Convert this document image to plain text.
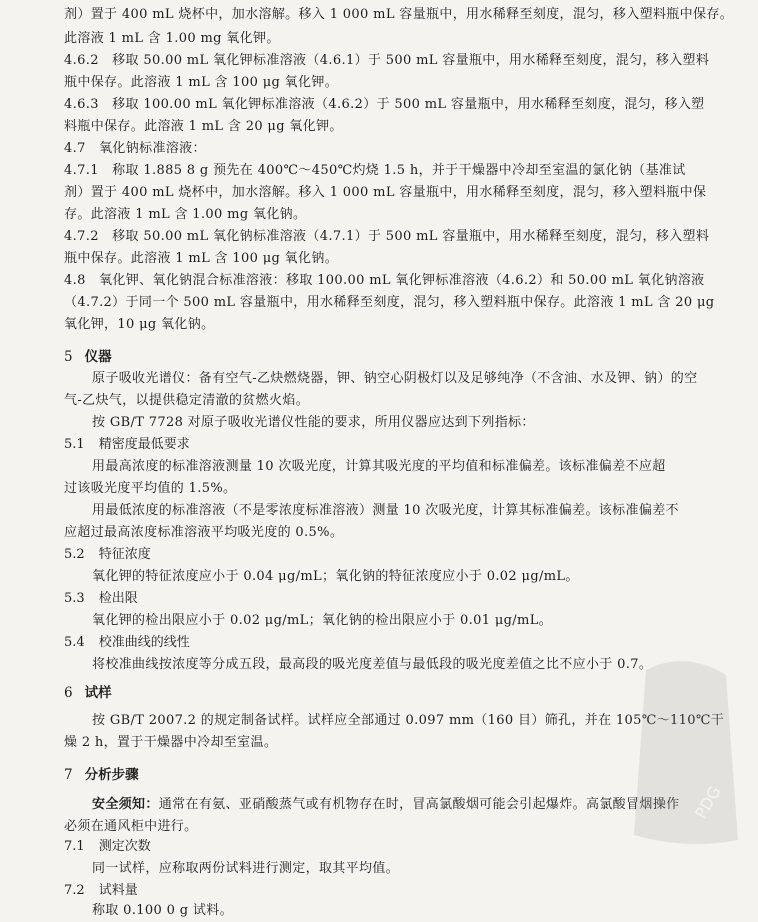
剂）置于 400 mL 烧杯中，加水溶解。移入 1 000 mL 容量瓶中，用水稀释至刻度，混匀，移入塑料瓶中保存。
此溶液 1 mL 含 1.00 mg 氧化钾。
4.6.2　移取 50.00 mL 氧化钾标准溶液（4.6.1）于 500 mL 容量瓶中，用水稀释至刻度，混匀，移入塑料
瓶中保存。此溶液 1 mL 含 100 μg 氧化钾。
4.6.3　移取 100.00 mL 氧化钾标准溶液（4.6.2）于 500 mL 容量瓶中，用水稀释至刻度，混匀，移入塑
料瓶中保存。此溶液 1 mL 含 20 μg 氧化钾。
4.7　氧化钠标准溶液：
4.7.1　称取 1.885 8 g 预先在 400℃～450℃灼烧 1.5 h，并于干燥器中冷却至室温的氯化钠（基准试
剂）置于 400 mL 烧杯中，加水溶解。移入 1 000 mL 容量瓶中，用水稀释至刻度，混匀，移入塑料瓶中保
存。此溶液 1 mL 含 1.00 mg 氧化钠。
4.7.2　移取 50.00 mL 氧化钠标准溶液（4.7.1）于 500 mL 容量瓶中，用水稀释至刻度，混匀，移入塑料
瓶中保存。此溶液 1 mL 含 100 μg 氧化钠。
4.8　氧化钾、氧化钠混合标准溶液：移取 100.00 mL 氧化钾标准溶液（4.6.2）和 50.00 mL 氧化钠溶液
（4.7.2）于同一个 500 mL 容量瓶中，用水稀释至刻度，混匀，移入塑料瓶中保存。此溶液 1 mL 含 20 μg
氧化钾，10 μg 氧化钠。
5 仪器
原子吸收光谱仪：备有空气-乙炔燃烧器，钾、钠空心阴极灯以及足够纯净（不含油、水及钾、钠）的空
气-乙炔气，以提供稳定清澈的贫燃火焰。
按 GB/T 7728 对原子吸收光谱仪性能的要求，所用仪器应达到下列指标：
5.1 精密度最低要求
用最高浓度的标准溶液测量 10 次吸光度，计算其吸光度的平均值和标准偏差。该标准偏差不应超
过该吸光度平均值的 1.5%。
用最低浓度的标准溶液（不是零浓度标准溶液）测量 10 次吸光度，计算其标准偏差。该标准偏差不
应超过最高浓度标准溶液平均吸光度的 0.5%。
5.2 特征浓度
氧化钾的特征浓度应小于 0.04 μg/mL；氧化钠的特征浓度应小于 0.02 μg/mL。
5.3 检出限
氧化钾的检出限应小于 0.02 μg/mL；氧化钠的检出限应小于 0.01 μg/mL。
5.4 校准曲线的线性
将校准曲线按浓度等分成五段，最高段的吸光度差值与最低段的吸光度差值之比不应小于 0.7。
6 试样
按 GB/T 2007.2 的规定制备试样。试样应全部通过 0.097 mm（160 目）筛孔，并在 105℃～110℃干
燥 2 h，置于干燥器中冷却至室温。
7 分析步骤
安全须知：通常在有氨、亚硝酸蒸气或有机物存在时，冒高氯酸烟可能会引起爆炸。高氯酸冒烟操作
必须在通风柜中进行。
7.1 测定次数
同一试样，应称取两份试料进行测定，取其平均值。
7.2 试料量
称取 0.100 0 g 试料。
PDG
